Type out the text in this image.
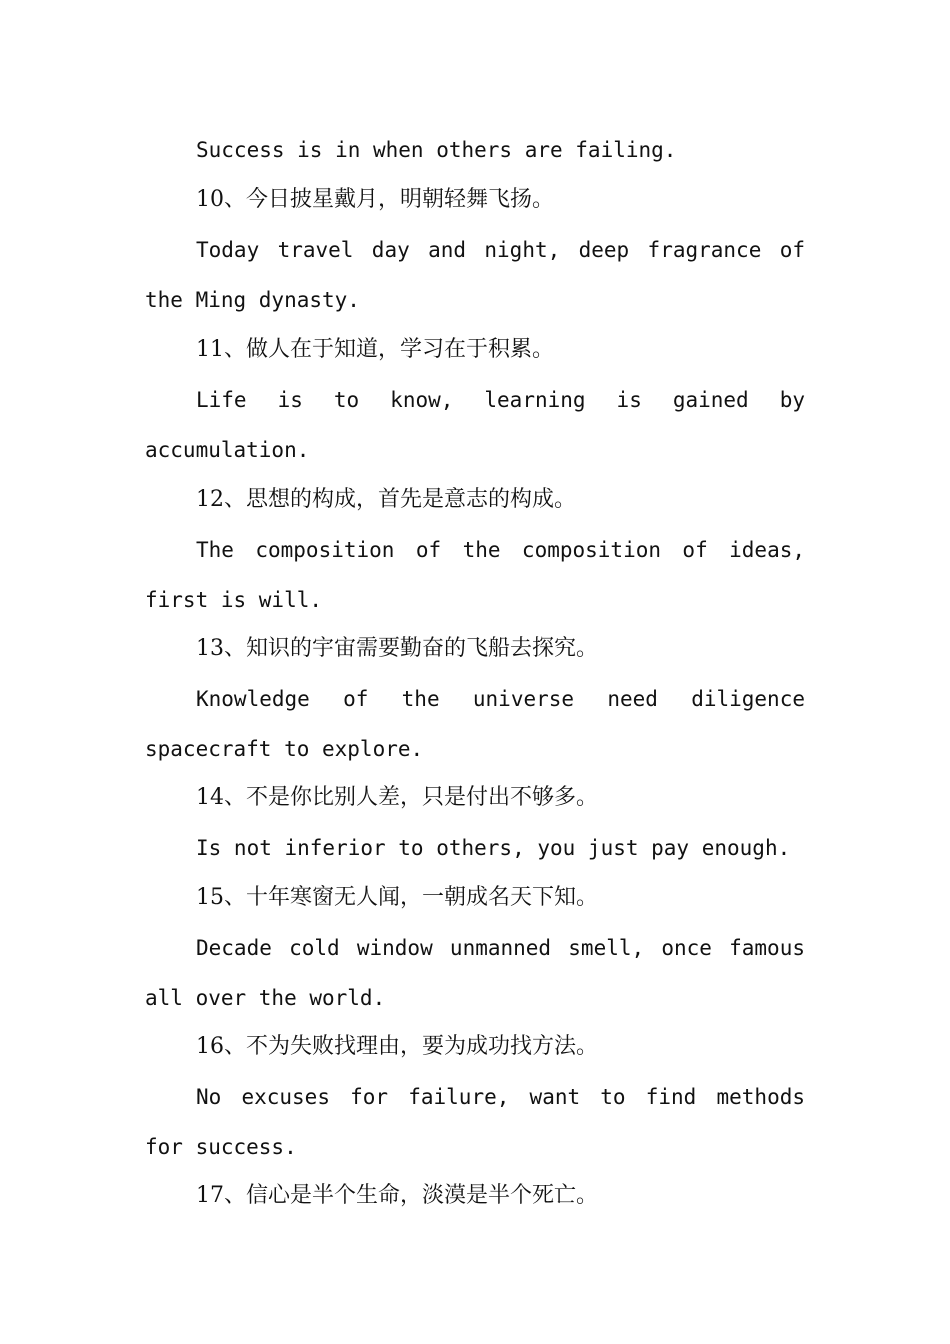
Success is in when others are failing.
10、今日披星戴月，明朝轻舞飞扬。
Today travel day and night, deep fragrance of
the Ming dynasty.
11、做人在于知道，学习在于积累。
Life is to know, learning is gained by
accumulation.
12、思想的构成，首先是意志的构成。
The composition of the composition of ideas,
first is will.
13、知识的宇宙需要勤奋的飞船去探究。
Knowledge of the universe need diligence
spacecraft to explore.
14、不是你比别人差，只是付出不够多。
Is not inferior to others, you just pay enough.
15、十年寒窗无人闻，一朝成名天下知。
Decade cold window unmanned smell, once famous
all over the world.
16、不为失败找理由，要为成功找方法。
No excuses for failure, want to find methods
for success.
17、信心是半个生命，淡漠是半个死亡。
